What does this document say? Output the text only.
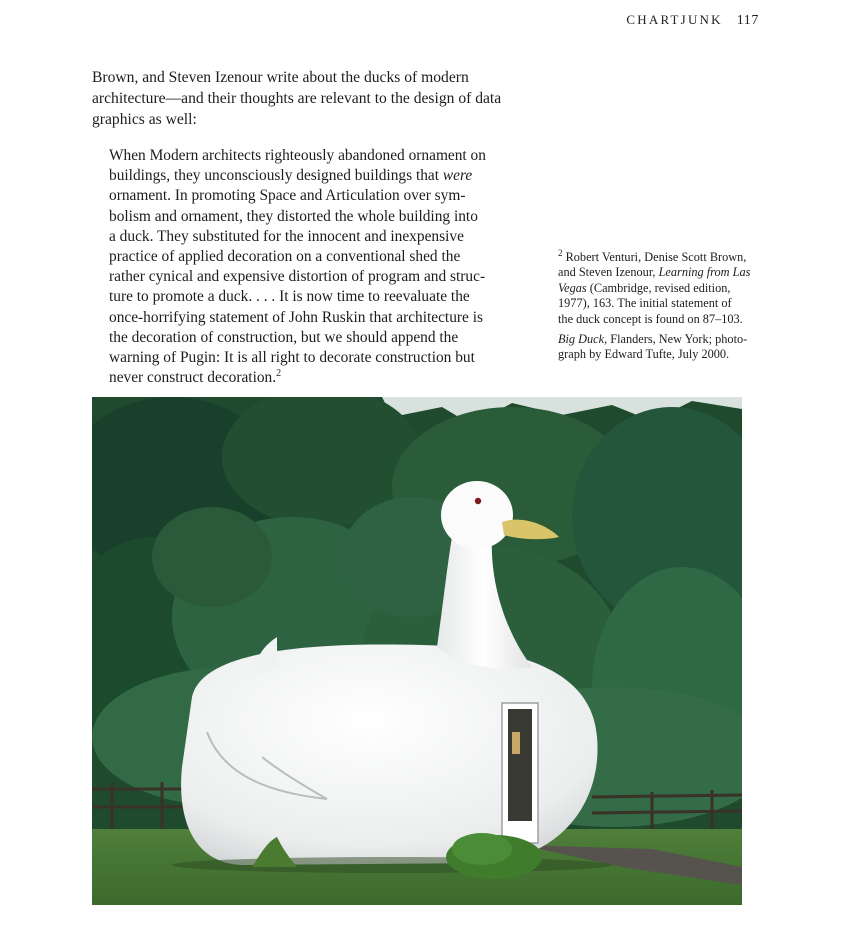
CHARTJUNK 117

Brown, and Steven Izenour write about the ducks of modern
architecture—and their thoughts are relevant to the design of data
graphics as well:

When Modern architects righteously abandoned ornament on
buildings, they unconsciously designed buildings that were
ornament. In promoting Space and Articulation over sym-
bolism and ornament, they distorted the whole building into
a duck. They substituted for the innocent and inexpensive
practice of applied decoration on a conventional shed the
rather cynical and expensive distortion of program and struc-
ture to promote a duck. . . . It is now time to reevaluate the
once-horrifying statement of John Ruskin that architecture is
the decoration of construction, but we should append the
warning of Pugin: It is all right to decorate construction but
never construct decoration.$^2$
$^2$ Robert Venturi, Denise Scott Brown,
and Steven Izenour, Learning from Las
Vegas (Cambridge, revised edition,
1977), 163. The initial statement of
the duck concept is found on 87–103.
Big Duck, Flanders, New York; photo-
graph by Edward Tufte, July 2000.
